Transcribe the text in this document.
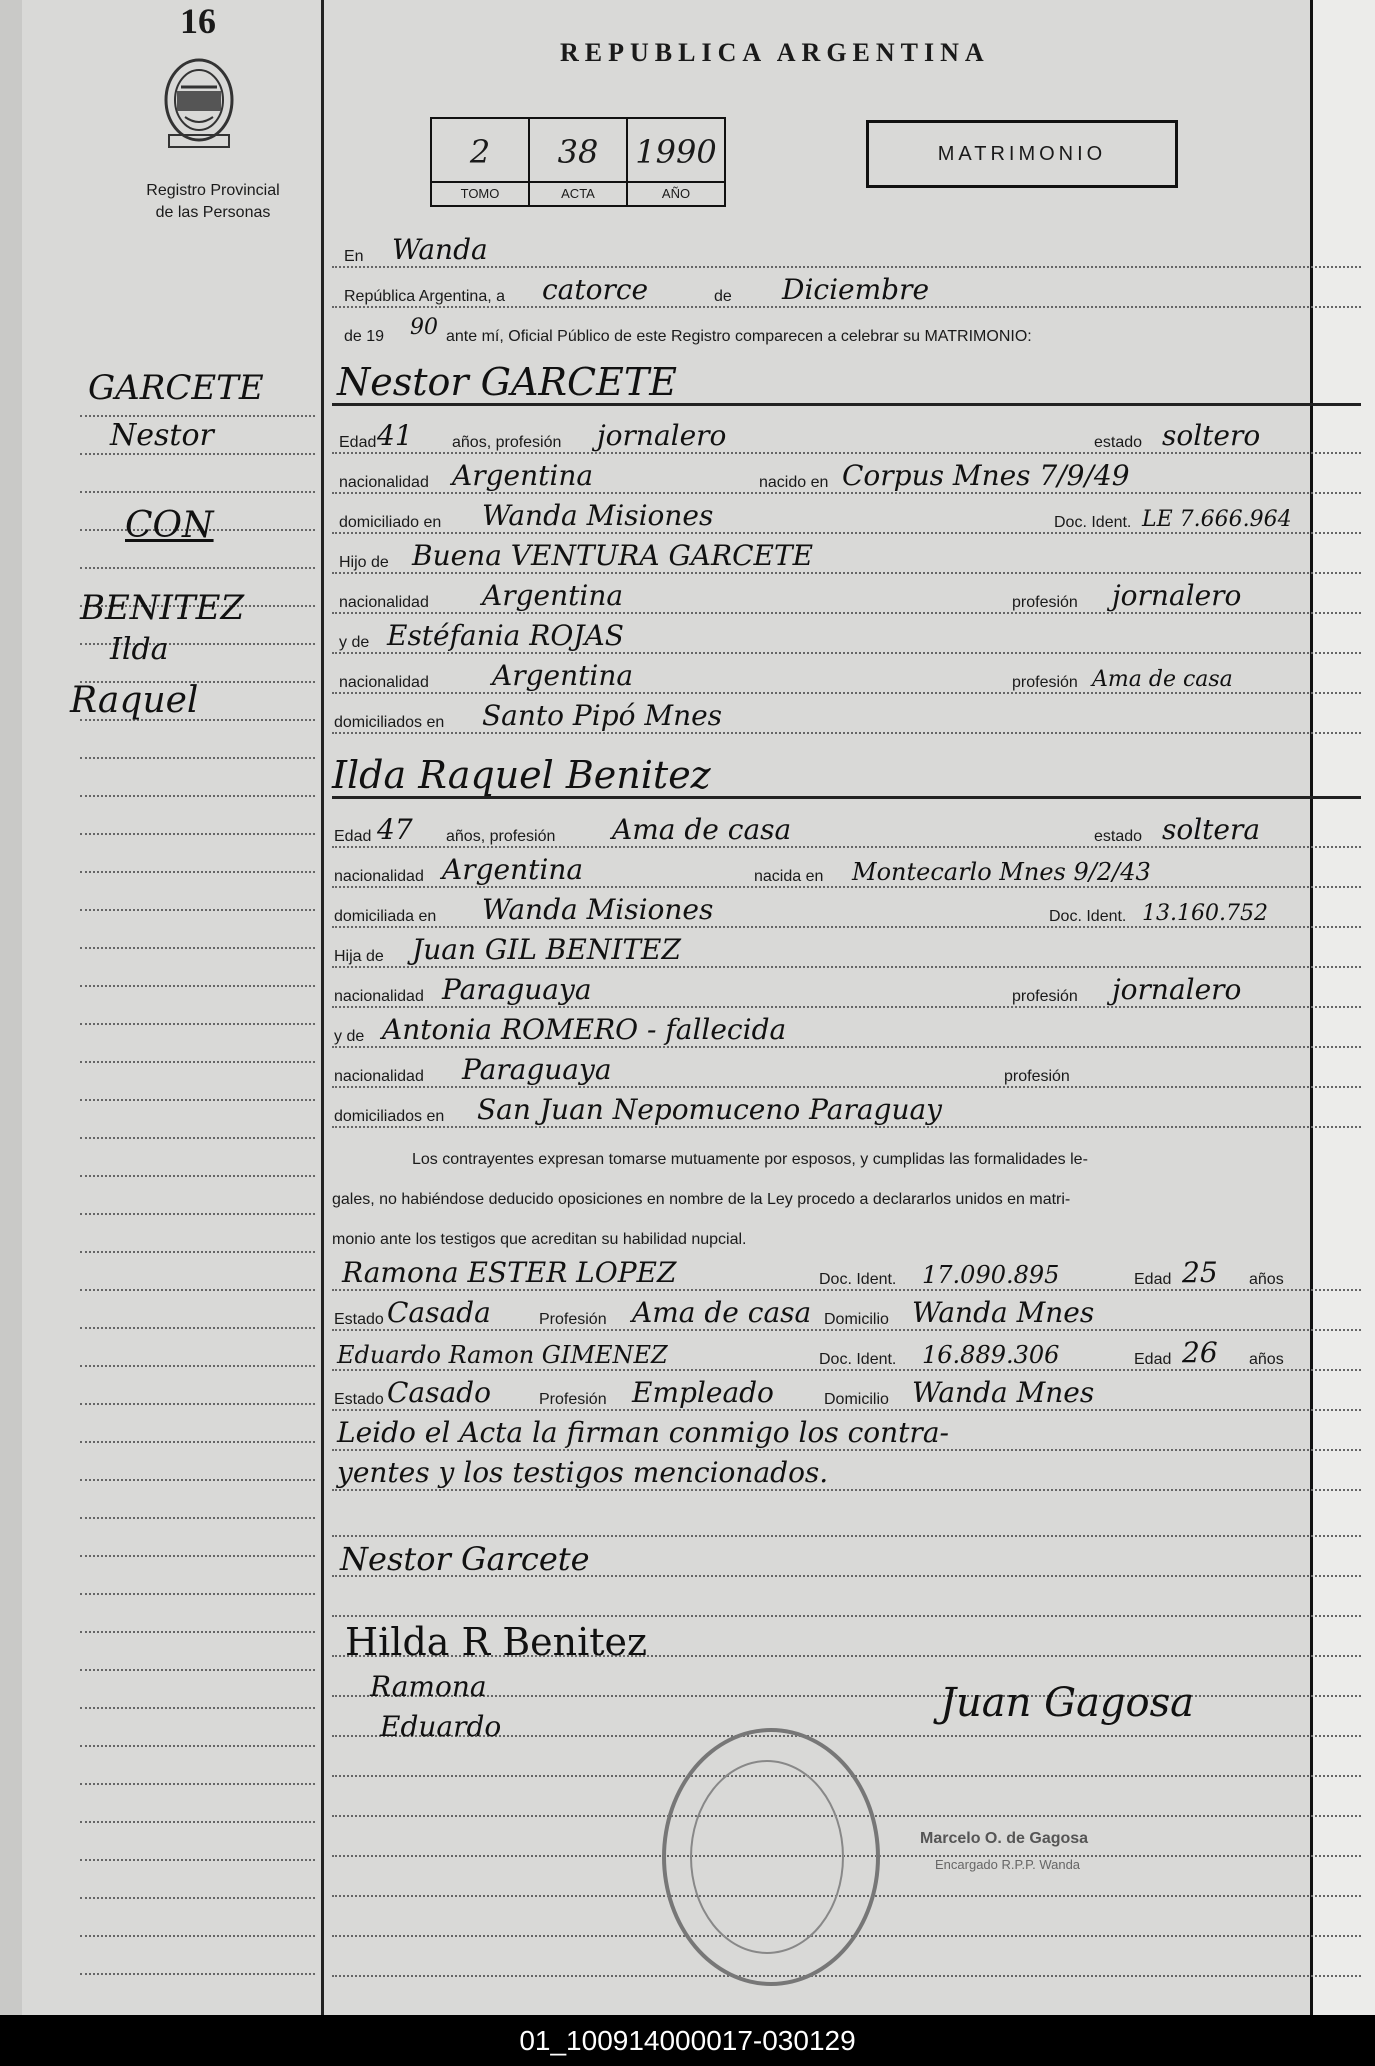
16
Registro Provincial
de las Personas
REPUBLICA ARGENTINA
2
TOMO
38
ACTA
1990
AÑO
MATRIMONIO
GARCETE
Nestor
CON
BENITEZ
Ilda
Raquel
En Wanda
República Argentina, a catorce	de Diciembre
de 19 90 ante mí, Oficial Público de este Registro comparecen a celebrar su MATRIMONIO:
Nestor GARCETE
Edad 41 años, profesión jornalero	estado soltero
nacionalidad Argentina	nacido en Corpus Mnes 7/9/49
domiciliado en Wanda Misiones	Doc. Ident. LE 7.666.964
Hijo de Buena VENTURA GARCETE
nacionalidad Argentina	profesión jornalero
y de Estéfania ROJAS
nacionalidad Argentina	profesión Ama de casa
domiciliados en Santo Pipó Mnes
Ilda Raquel Benitez
Edad 47 años, profesión Ama de casa	estado soltera
nacionalidad Argentina	nacida en Montecarlo Mnes 9/2/43
domiciliada en Wanda Misiones	Doc. Ident. 13.160.752
Hija de Juan GIL BENITEZ
nacionalidad Paraguaya	profesión jornalero
y de Antonia ROMERO - fallecida
nacionalidad Paraguaya	profesión
domiciliados en San Juan Nepomuceno Paraguay
Los contrayentes expresan tomarse mutuamente por esposos, y cumplidas las formalidades le-
gales, no habiéndose deducido oposiciones en nombre de la Ley procedo a declararlos unidos en matri-
monio ante los testigos que acreditan su habilidad nupcial.
Ramona ESTER LOPEZ	Doc. Ident. 17.090.895	Edad 25 años
Estado Casada	Profesión Ama de casa Domicilio Wanda Mnes
Eduardo Ramon GIMENEZ	Doc. Ident. 16.889.306	Edad 26 años
Estado Casado	Profesión Empleado	Domicilio Wanda Mnes
Leido el Acta la firman conmigo los contra-
yentes y los testigos mencionados.
Nestor Garcete
Hilda R Benitez
Ramona
Eduardo
Juan Gagosa
Marcelo O. de Gagosa
Encargado R.P.P. Wanda
01_100914000017-030129
